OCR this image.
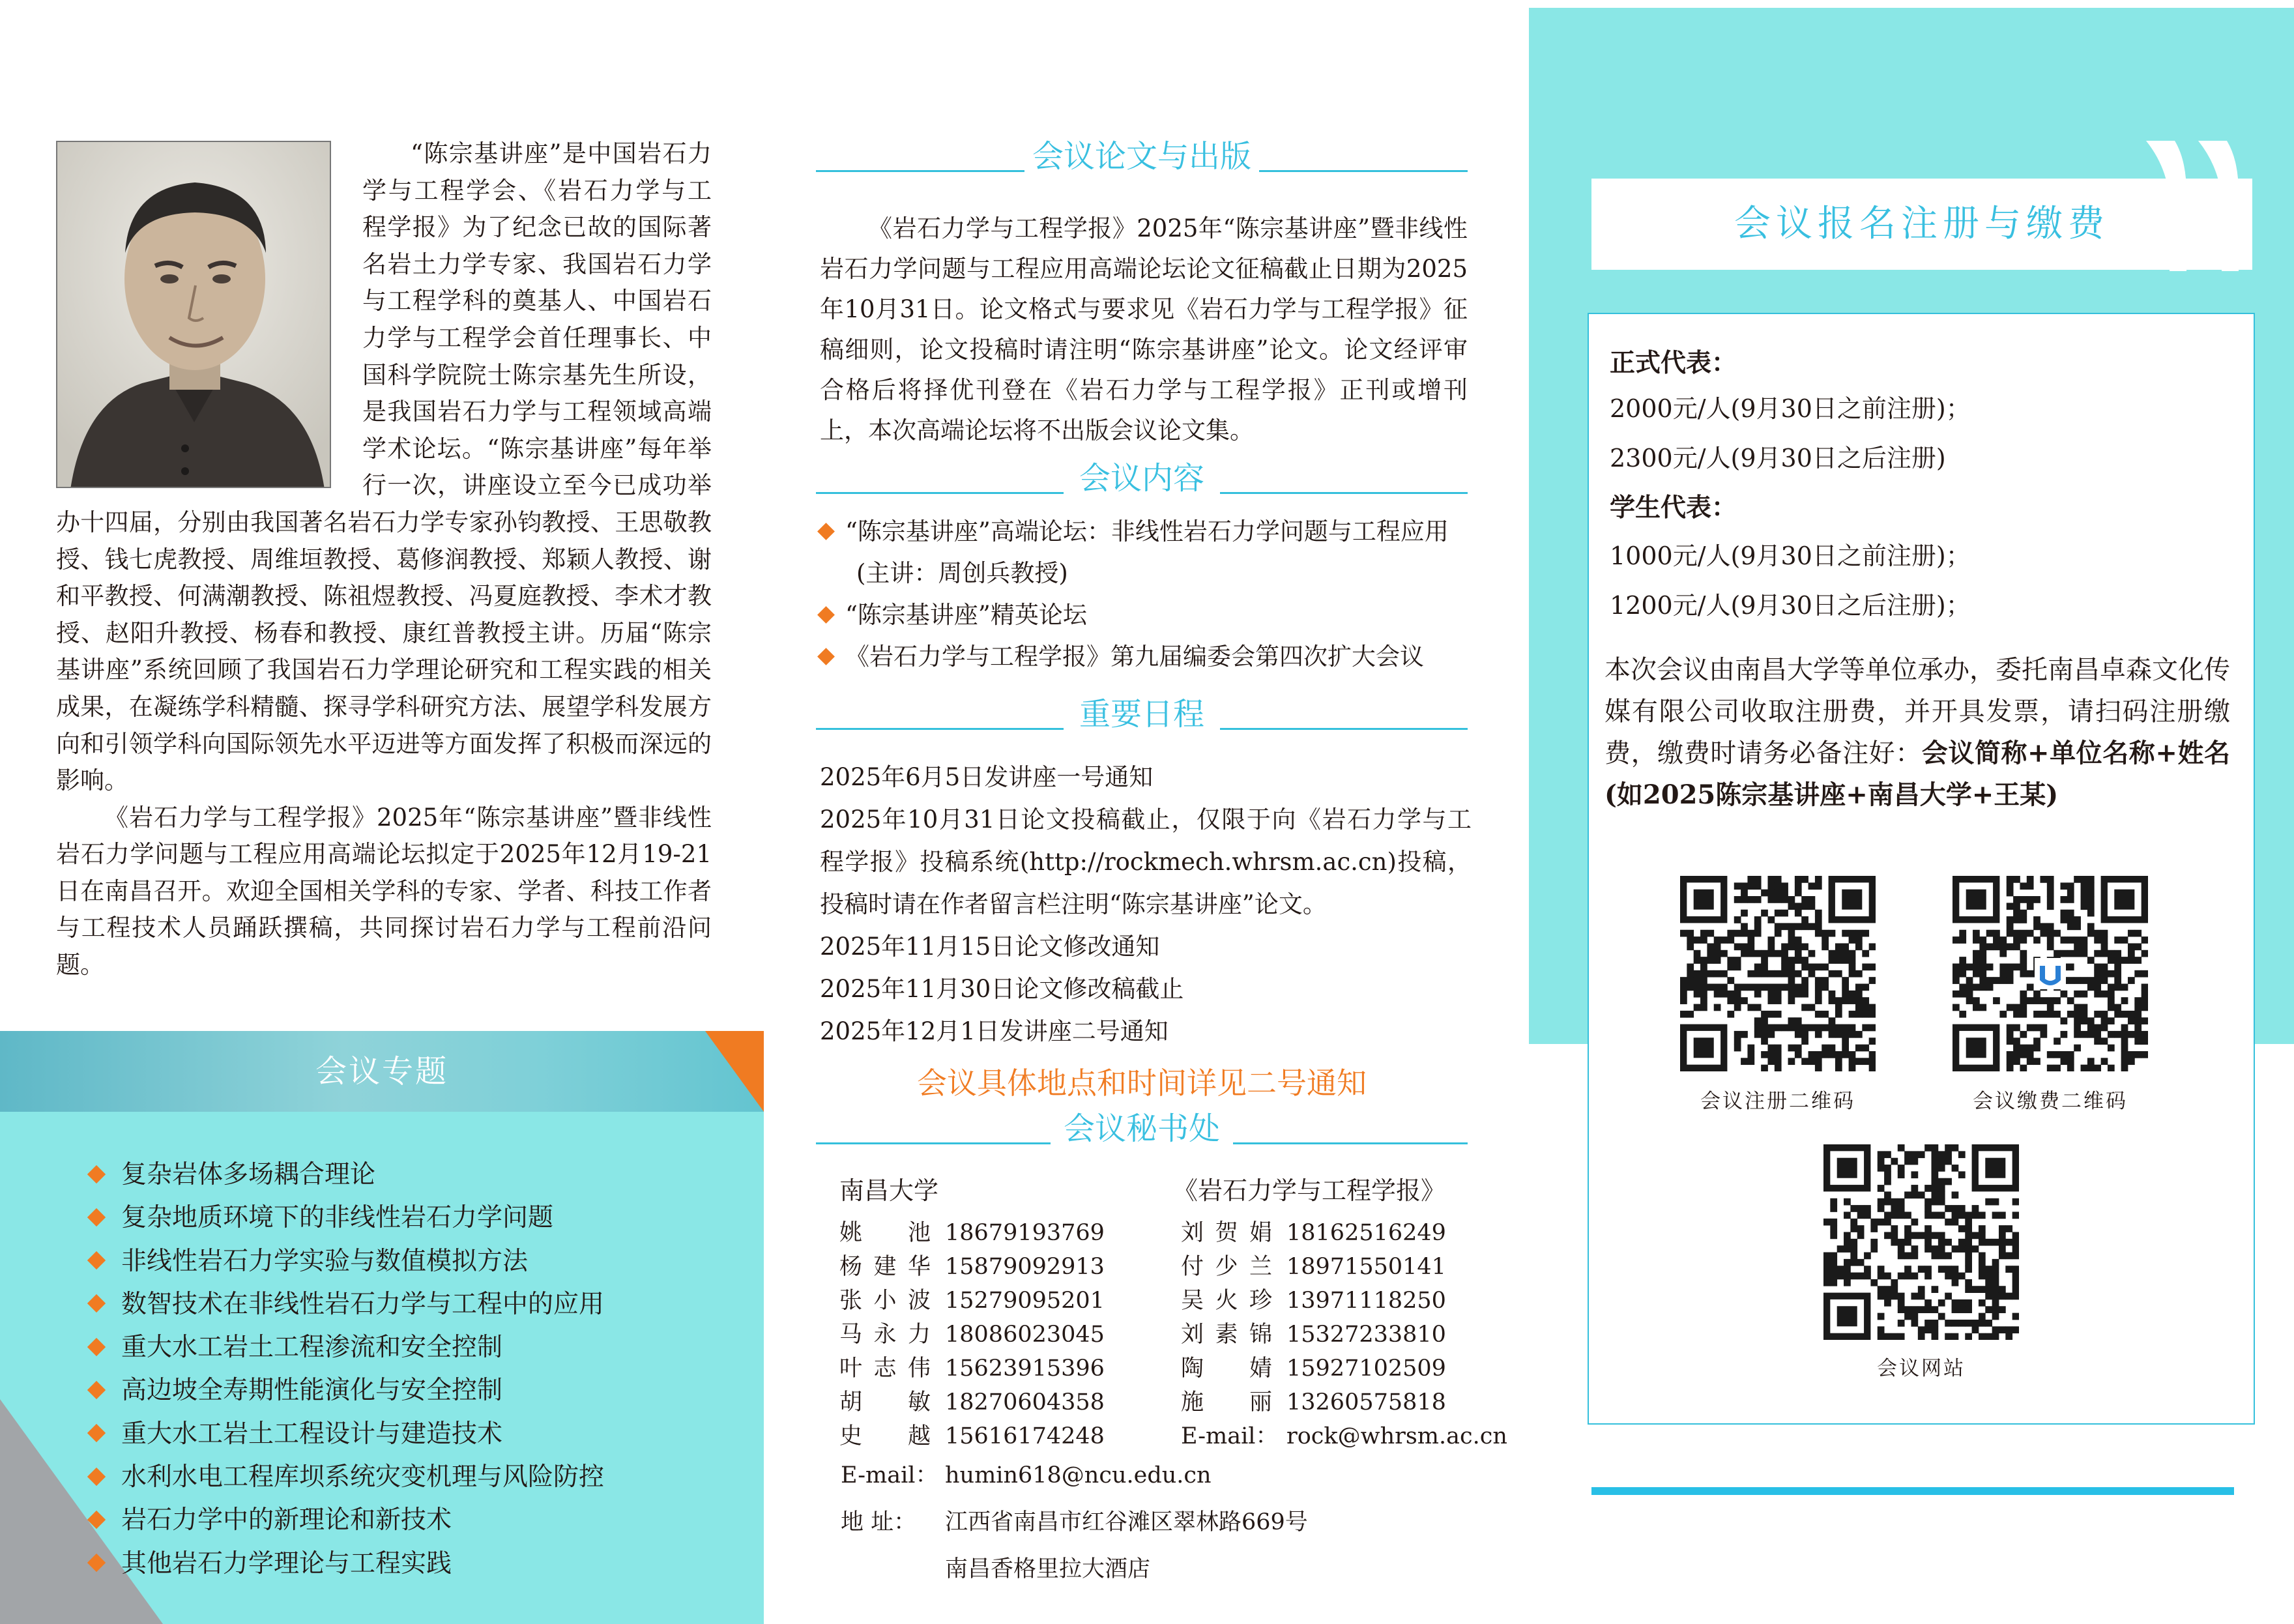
“陈宗基讲座”是中国岩石力学与工程学会、《岩石力学与工程学报》为了纪念已故的国际著名岩土力学专家、我国岩石力学与工程学科的奠基人、中国岩石力学与工程学会首任理事长、中国科学院院士陈宗基先生所设，是我国岩石力学与工程领域高端学术论坛。“陈宗基讲座”每年举行一次，讲座设立至今已成功举办十四届，分别由我国著名岩石力学专家孙钧教授、王思敬教授、钱七虎教授、周维垣教授、葛修润教授、郑颖人教授、谢和平教授、何满潮教授、陈祖煜教授、冯夏庭教授、李术才教授、赵阳升教授、杨春和教授、康红普教授主讲。历届“陈宗基讲座”系统回顾了我国岩石力学理论研究和工程实践的相关成果，在凝练学科精髓、探寻学科研究方法、展望学科发展方向和引领学科向国际领先水平迈进等方面发挥了积极而深远的影响。
《岩石力学与工程学报》2025年“陈宗基讲座”暨非线性岩石力学问题与工程应用高端论坛拟定于2025年12月19-21日在南昌召开。欢迎全国相关学科的专家、学者、科技工作者与工程技术人员踊跃撰稿，共同探讨岩石力学与工程前沿问题。
会议专题
复杂岩体多场耦合理论
复杂地质环境下的非线性岩石力学问题
非线性岩石力学实验与数值模拟方法
数智技术在非线性岩石力学与工程中的应用
重大水工岩土工程渗流和安全控制
高边坡全寿期性能演化与安全控制
重大水工岩土工程设计与建造技术
水利水电工程库坝系统灾变机理与风险防控
岩石力学中的新理论和新技术
其他岩石力学理论与工程实践
会议论文与出版
《岩石力学与工程学报》2025年“陈宗基讲座”暨非线性岩石力学问题与工程应用高端论坛论文征稿截止日期为2025年10月31日。论文格式与要求见《岩石力学与工程学报》征稿细则，论文投稿时请注明“陈宗基讲座”论文。论文经评审合格后将择优刊登在《岩石力学与工程学报》正刊或增刊上，本次高端论坛将不出版会议论文集。
会议内容
“陈宗基讲座”高端论坛：非线性岩石力学问题与工程应用
(主讲：周创兵教授)
“陈宗基讲座”精英论坛
《岩石力学与工程学报》第九届编委会第四次扩大会议
重要日程
2025年6月5日发讲座一号通知
2025年10月31日论文投稿截止，仅限于向《岩石力学与工程学报》投稿系统(http://rockmech.whrsm.ac.cn)投稿，投稿时请在作者留言栏注明“陈宗基讲座”论文。
2025年11月15日论文修改通知
2025年11月30日论文修改稿截止
2025年12月1日发讲座二号通知
会议具体地点和时间详见二号通知
会议秘书处
南昌大学	《岩石力学与工程学报》
姚池 18679193769
杨建华 15879092913
张小波 15279095201
马永力 18086023045
叶志伟 15623915396
胡敏 18270604358
史越 15616174248
刘贺娟 18162516249
付少兰 18971550141
吴火珍 13971118250
刘素锦 15327233810
陶婧 15927102509
施丽 13260575818
E-mail： rock@whrsm.ac.cn
E-mail： humin618@ncu.edu.cn
地 址： 江西省南昌市红谷滩区翠林路669号
南昌香格里拉大酒店
会议报名注册与缴费
正式代表：
2000元/人(9月30日之前注册)；
2300元/人(9月30日之后注册)
学生代表：
1000元/人(9月30日之前注册)；
1200元/人(9月30日之后注册)；
本次会议由南昌大学等单位承办，委托南昌卓森文化传媒有限公司收取注册费，并开具发票，请扫码注册缴费，缴费时请务必备注好：会议简称+单位名称+姓名(如2025陈宗基讲座+南昌大学+王某)
会议注册二维码	会议缴费二维码
会议网站
